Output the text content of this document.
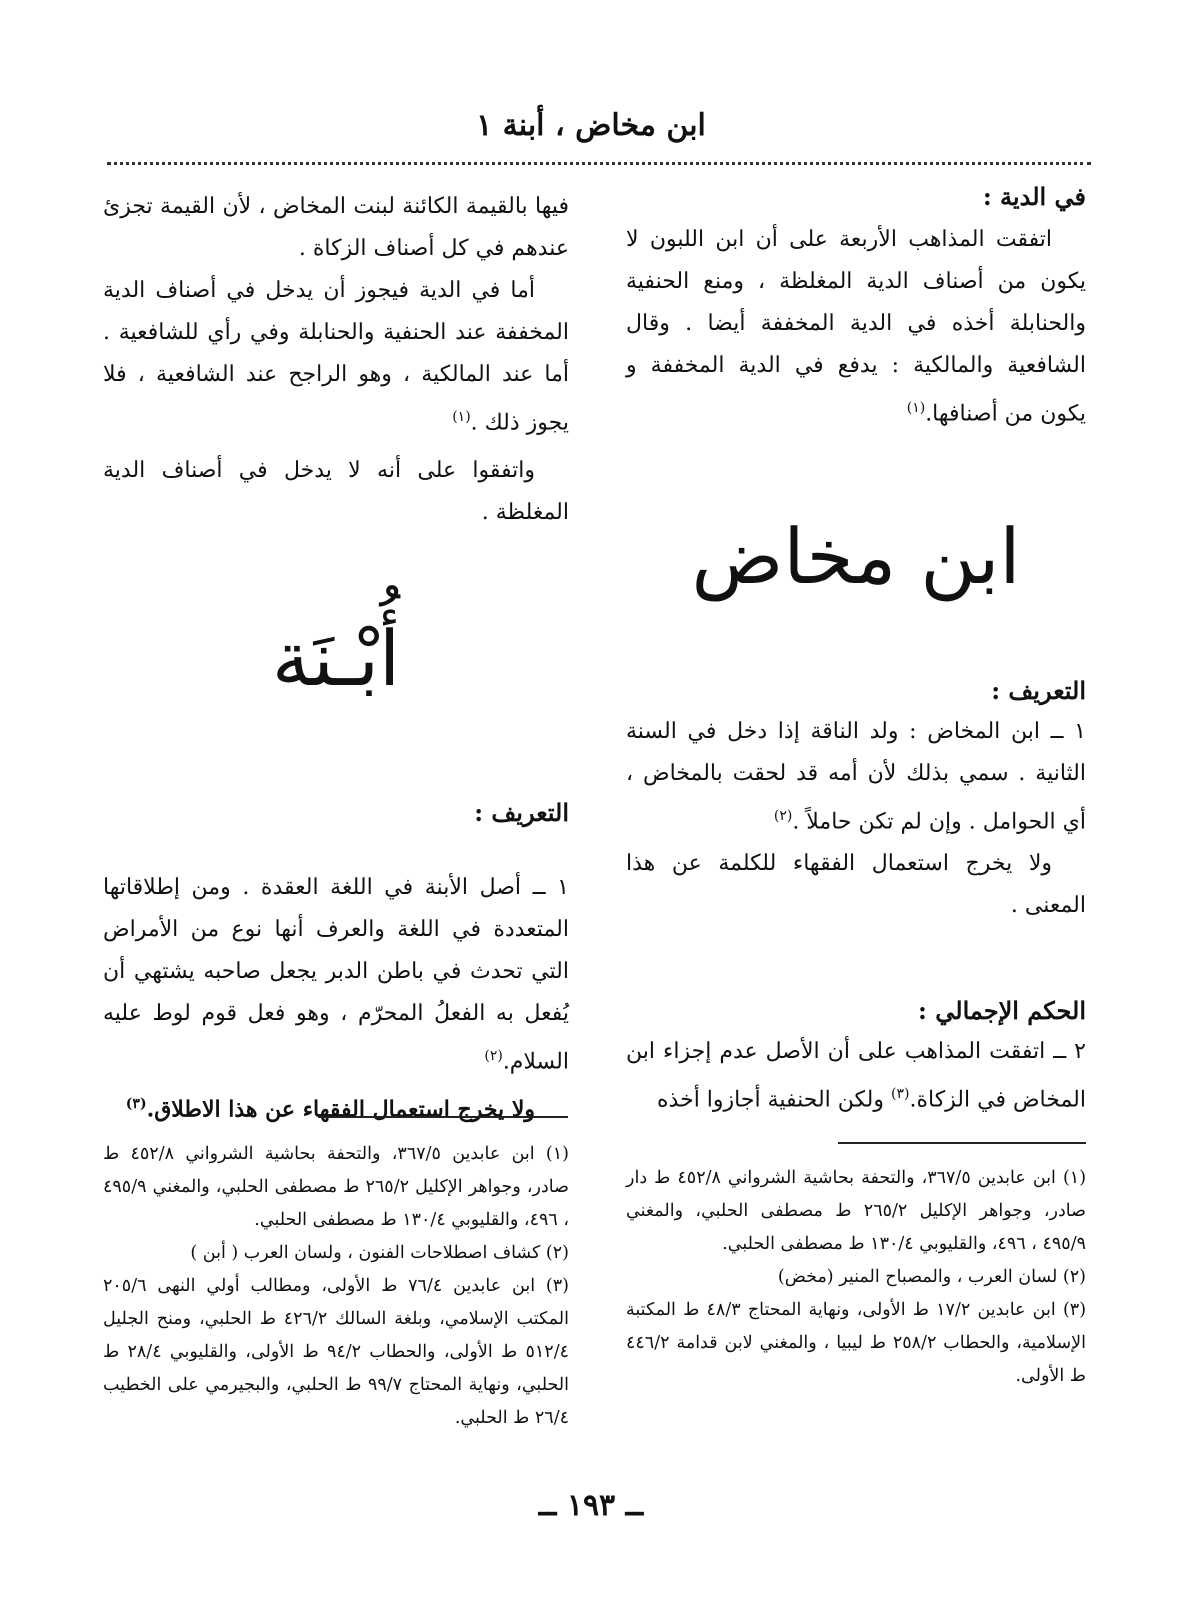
ابن مخاض ، أبنة ١

في الدية :

اتفقت المذاهب الأربعة على أن ابن اللبون لا يكون من أصناف الدية المغلظة ، ومنع الحنفية والحنابلة أخذه في الدية المخففة أيضا . وقال الشافعية والمالكية : يدفع في الدية المخففة و يكون من أصنافها.$^{(١)}$

ابن مخاض

التعريف :

١ ــ ابن المخاض : ولد الناقة إذا دخل في السنة الثانية . سمي بذلك لأن أمه قد لحقت بالمخاض ، أي الحوامل . وإن لم تكن حاملاً .$^{(٢)}$

ولا يخرج استعمال الفقهاء للكلمة عن هذا المعنى .

الحكم الإجمالي :

٢ ــ اتفقت المذاهب على أن الأصل عدم إجزاء ابن المخاض في الزكاة.$^{(٣)}$ ولكن الحنفية أجازوا أخذه

(١) ابن عابدين ٣٦٧/٥، والتحفة بحاشية الشرواني ٤٥٢/٨ ط دار صادر، وجواهر الإكليل ٢٦٥/٢ ط مصطفى الحلبي، والمغني ٤٩٥/٩ ، ٤٩٦، والقليوبي ١٣٠/٤ ط مصطفى الحلبي.
(٢) لسان العرب ، والمصباح المنير (مخض)
(٣) ابن عابدين ١٧/٢ ط الأولى، ونهاية المحتاج ٤٨/٣ ط المكتبة الإسلامية، والحطاب ٢٥٨/٢ ط ليبيا ، والمغني لابن قدامة ٤٤٦/٢ ط الأولى.

فيها بالقيمة الكائنة لبنت المخاض ، لأن القيمة تجزئ عندهم في كل أصناف الزكاة .

أما في الدية فيجوز أن يدخل في أصناف الدية المخففة عند الحنفية والحنابلة وفي رأي للشافعية . أما عند المالكية ، وهو الراجح عند الشافعية ، فلا يجوز ذلك .$^{(١)}$

واتفقوا على أنه لا يدخل في أصناف الدية المغلظة .

أُبْـنَة

التعريف :

١ ــ أصل الأبنة في اللغة العقدة . ومن إطلاقاتها المتعددة في اللغة والعرف أنها نوع من الأمراض التي تحدث في باطن الدبر يجعل صاحبه يشتهي أن يُفعل به الفعلُ المحرّم ، وهو فعل قوم لوط عليه السلام.$^{(٢)}$

ولا يخرج استعمال الفقهاء عن هذا الاطلاق.$^{(٣)}$

(١) ابن عابدين ٣٦٧/٥، والتحفة بحاشية الشرواني ٤٥٢/٨ ط صادر، وجواهر الإكليل ٢٦٥/٢ ط مصطفى الحلبي، والمغني ٤٩٥/٩ ، ٤٩٦، والقليوبي ١٣٠/٤ ط مصطفى الحلبي.
(٢) كشاف اصطلاحات الفنون ، ولسان العرب ( أبن )
(٣) ابن عابدين ٧٦/٤ ط الأولى، ومطالب أولي النهى ٢٠٥/٦ المكتب الإسلامي، وبلغة السالك ٤٢٦/٢ ط الحلبي، ومنح الجليل ٥١٢/٤ ط الأولى، والحطاب ٩٤/٢ ط الأولى، والقليوبي ٢٨/٤ ط الحلبي، ونهاية المحتاج ٩٩/٧ ط الحلبي، والبجيرمي على الخطيب ٢٦/٤ ط الحلبي.
ــ ١٩٣ ــ
